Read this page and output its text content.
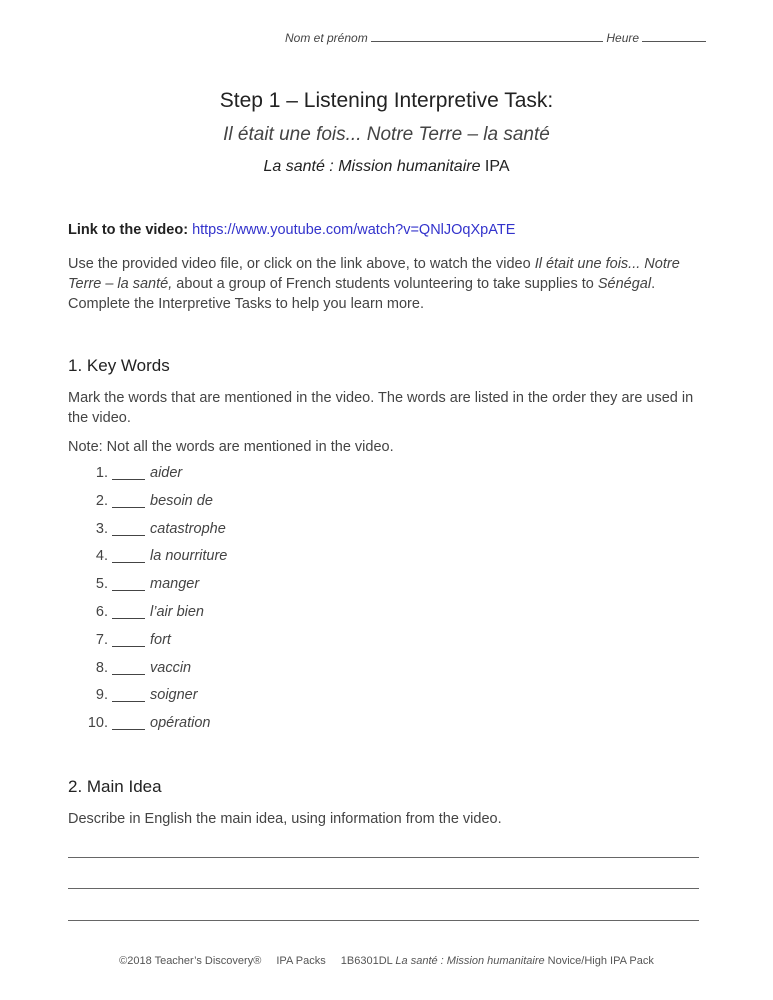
Nom et prénom	Heure
Step 1 – Listening Interpretive Task:
Il était une fois... Notre Terre – la santé
La santé : Mission humanitaire IPA
Link to the video: https://www.youtube.com/watch?v=QNlJOqXpATE
Use the provided video file, or click on the link above, to watch the video Il était une fois... Notre Terre – la santé, about a group of French students volunteering to take supplies to Sénégal. Complete the Interpretive Tasks to help you learn more.
1. Key Words
Mark the words that are mentioned in the video. The words are listed in the order they are used in the video.
Note: Not all the words are mentioned in the video.
1.	aider
2.	besoin de
3.	catastrophe
4.	la nourriture
5.	manger
6.	l’air bien
7.	fort
8.	vaccin
9.	soigner
10.	opération
2. Main Idea
Describe in English the main idea, using information from the video.
©2018 Teacher’s Discovery® IPA Packs 1B6301DL La santé : Mission humanitaire Novice/High IPA Pack
